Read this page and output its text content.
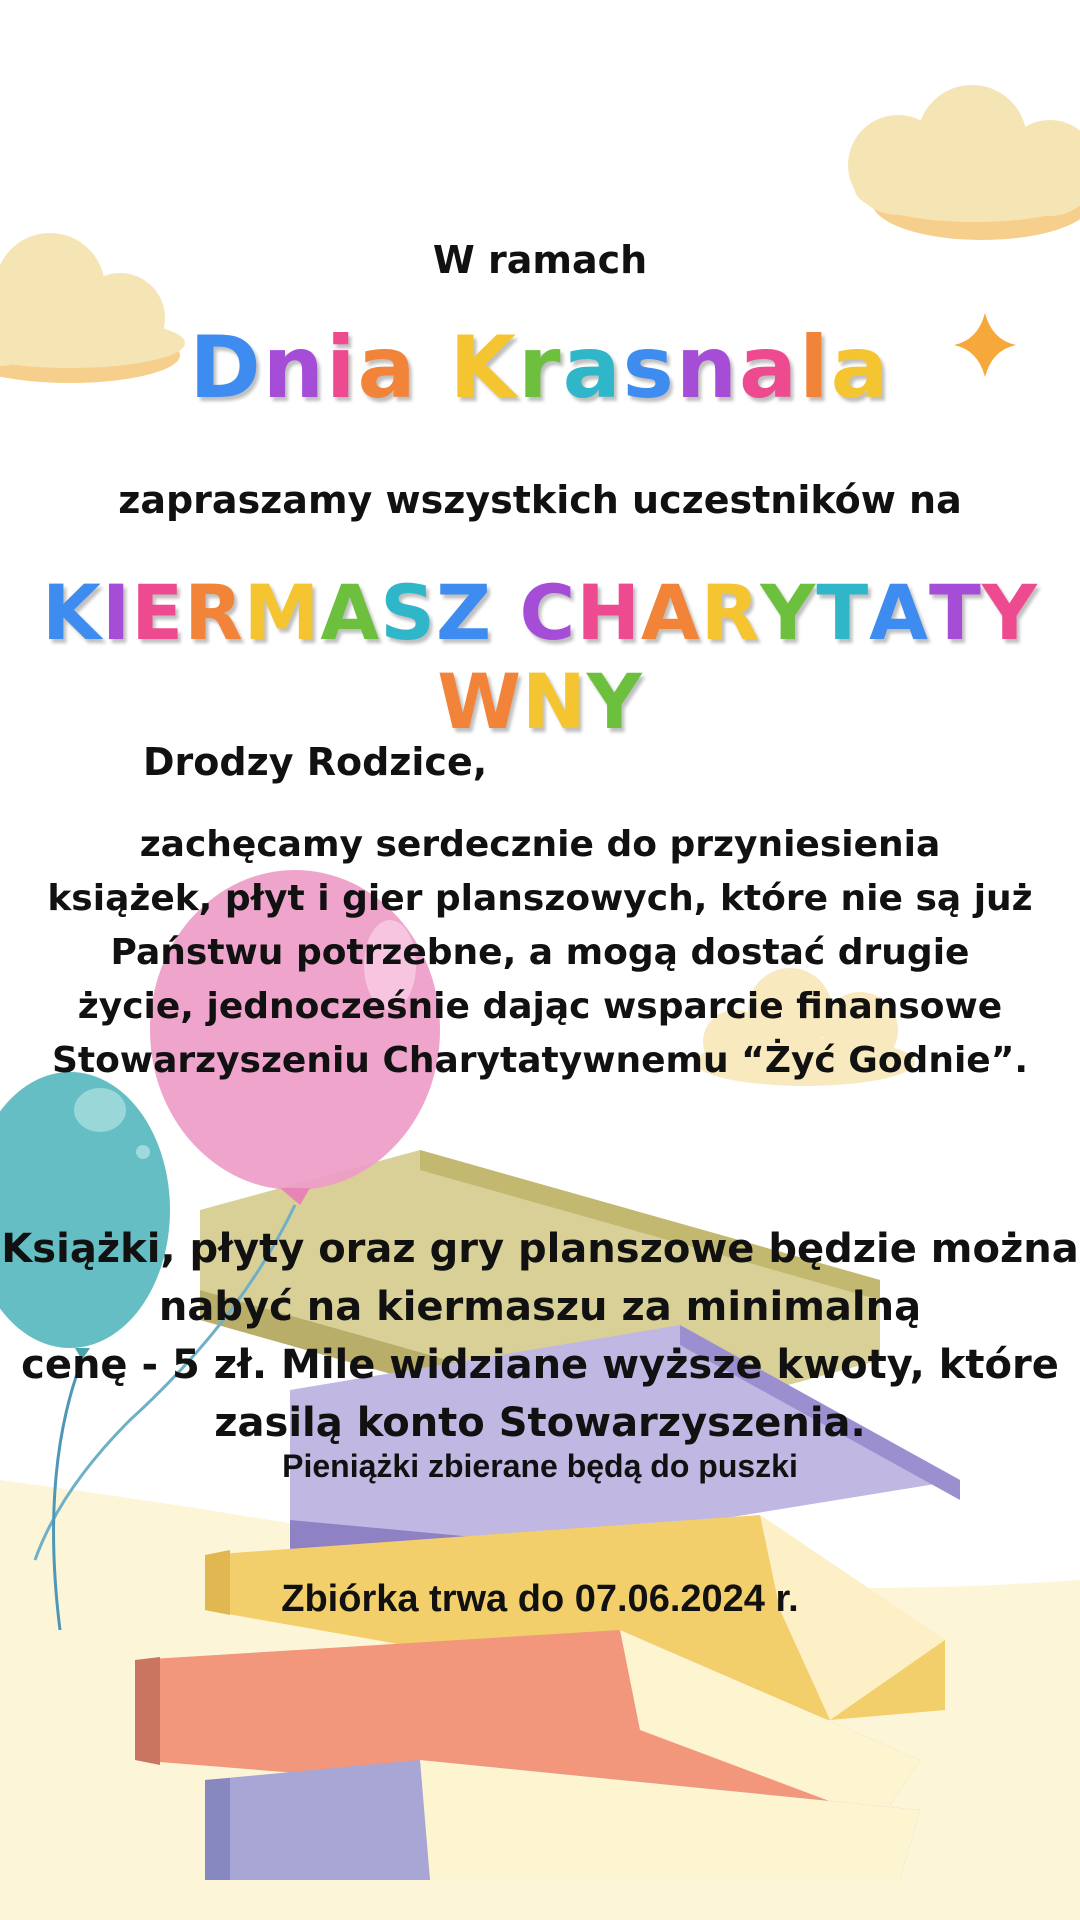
W ramach

Dnia Krasnala

zapraszamy wszystkich uczestników na

KIERMASZ CHARYTATYWNY

Drodzy Rodzice,

zachęcamy serdecznie do przyniesienia
książek, płyt i gier planszowych, które nie są już
Państwu potrzebne, a mogą dostać drugie
życie, jednocześnie dając wsparcie finansowe
Stowarzyszeniu Charytatywnemu “Żyć Godnie”.

Książki, płyty oraz gry planszowe będzie można
nabyć na kiermaszu za minimalną
cenę - 5 zł. Mile widziane wyższe kwoty, które
zasilą konto Stowarzyszenia.

Pieniążki zbierane będą do puszki

Zbiórka trwa do 07.06.2024 r.
